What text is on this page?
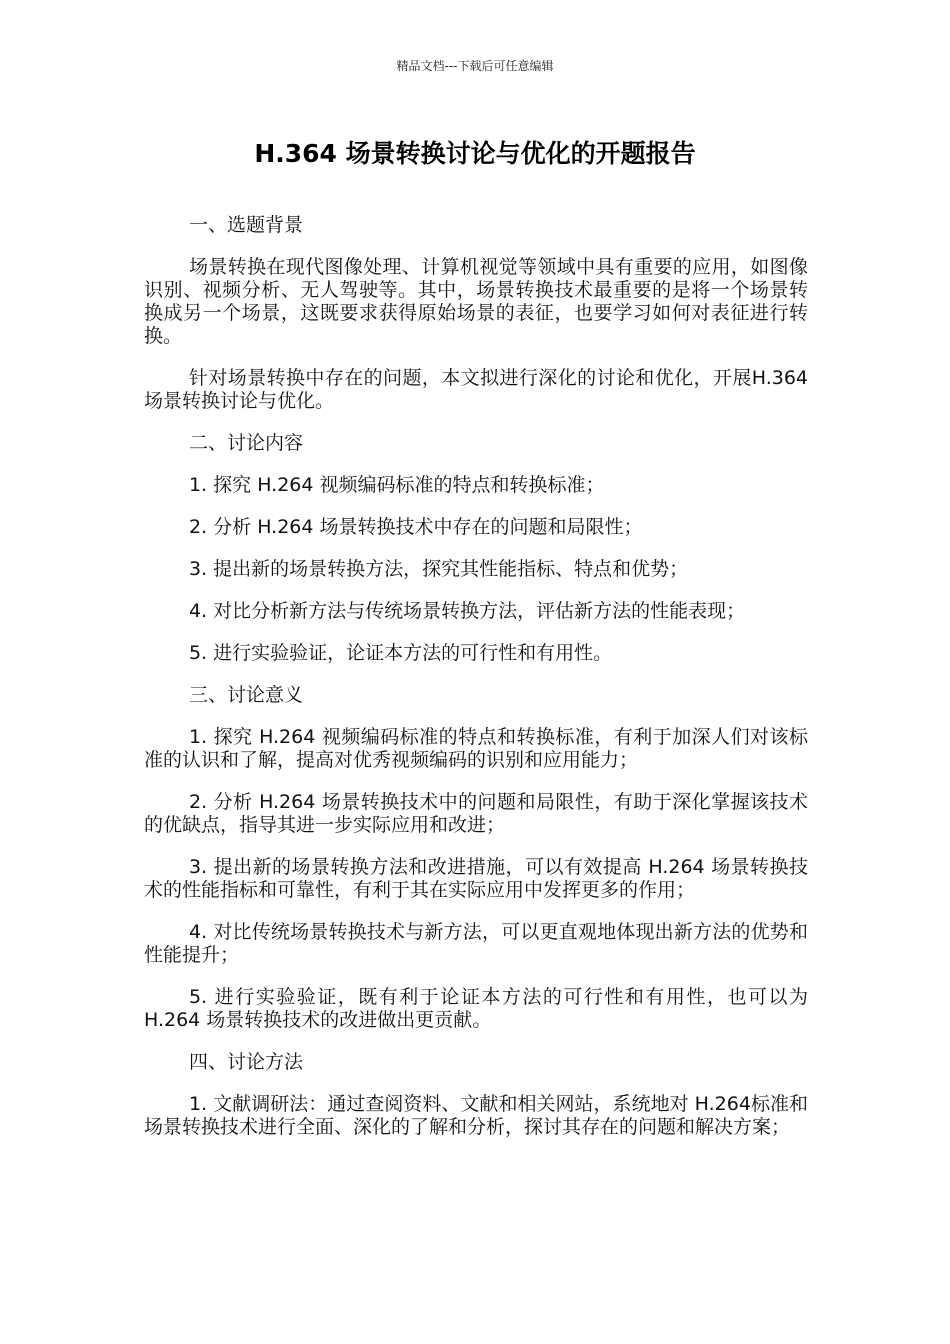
精品文档---下载后可任意编辑
H.364 场景转换讨论与优化的开题报告
一、选题背景
场景转换在现代图像处理、计算机视觉等领域中具有重要的应用，如图像识别、视频分析、无人驾驶等。其中，场景转换技术最重要的是将一个场景转换成另一个场景，这既要求获得原始场景的表征，也要学习如何对表征进行转换。
针对场景转换中存在的问题，本文拟进行深化的讨论和优化，开展H.364 场景转换讨论与优化。
二、讨论内容
1. 探究 H.264 视频编码标准的特点和转换标准；
2. 分析 H.264 场景转换技术中存在的问题和局限性；
3. 提出新的场景转换方法，探究其性能指标、特点和优势；
4. 对比分析新方法与传统场景转换方法，评估新方法的性能表现；
5. 进行实验验证，论证本方法的可行性和有用性。
三、讨论意义
1. 探究 H.264 视频编码标准的特点和转换标准，有利于加深人们对该标准的认识和了解，提高对优秀视频编码的识别和应用能力；
2. 分析 H.264 场景转换技术中的问题和局限性，有助于深化掌握该技术的优缺点，指导其进一步实际应用和改进；
3. 提出新的场景转换方法和改进措施，可以有效提高 H.264 场景转换技术的性能指标和可靠性，有利于其在实际应用中发挥更多的作用；
4. 对比传统场景转换技术与新方法，可以更直观地体现出新方法的优势和性能提升；
5. 进行实验验证，既有利于论证本方法的可行性和有用性，也可以为 H.264 场景转换技术的改进做出更贡献。
四、讨论方法
1. 文献调研法：通过查阅资料、文献和相关网站，系统地对 H.264标准和场景转换技术进行全面、深化的了解和分析，探讨其存在的问题和解决方案；
